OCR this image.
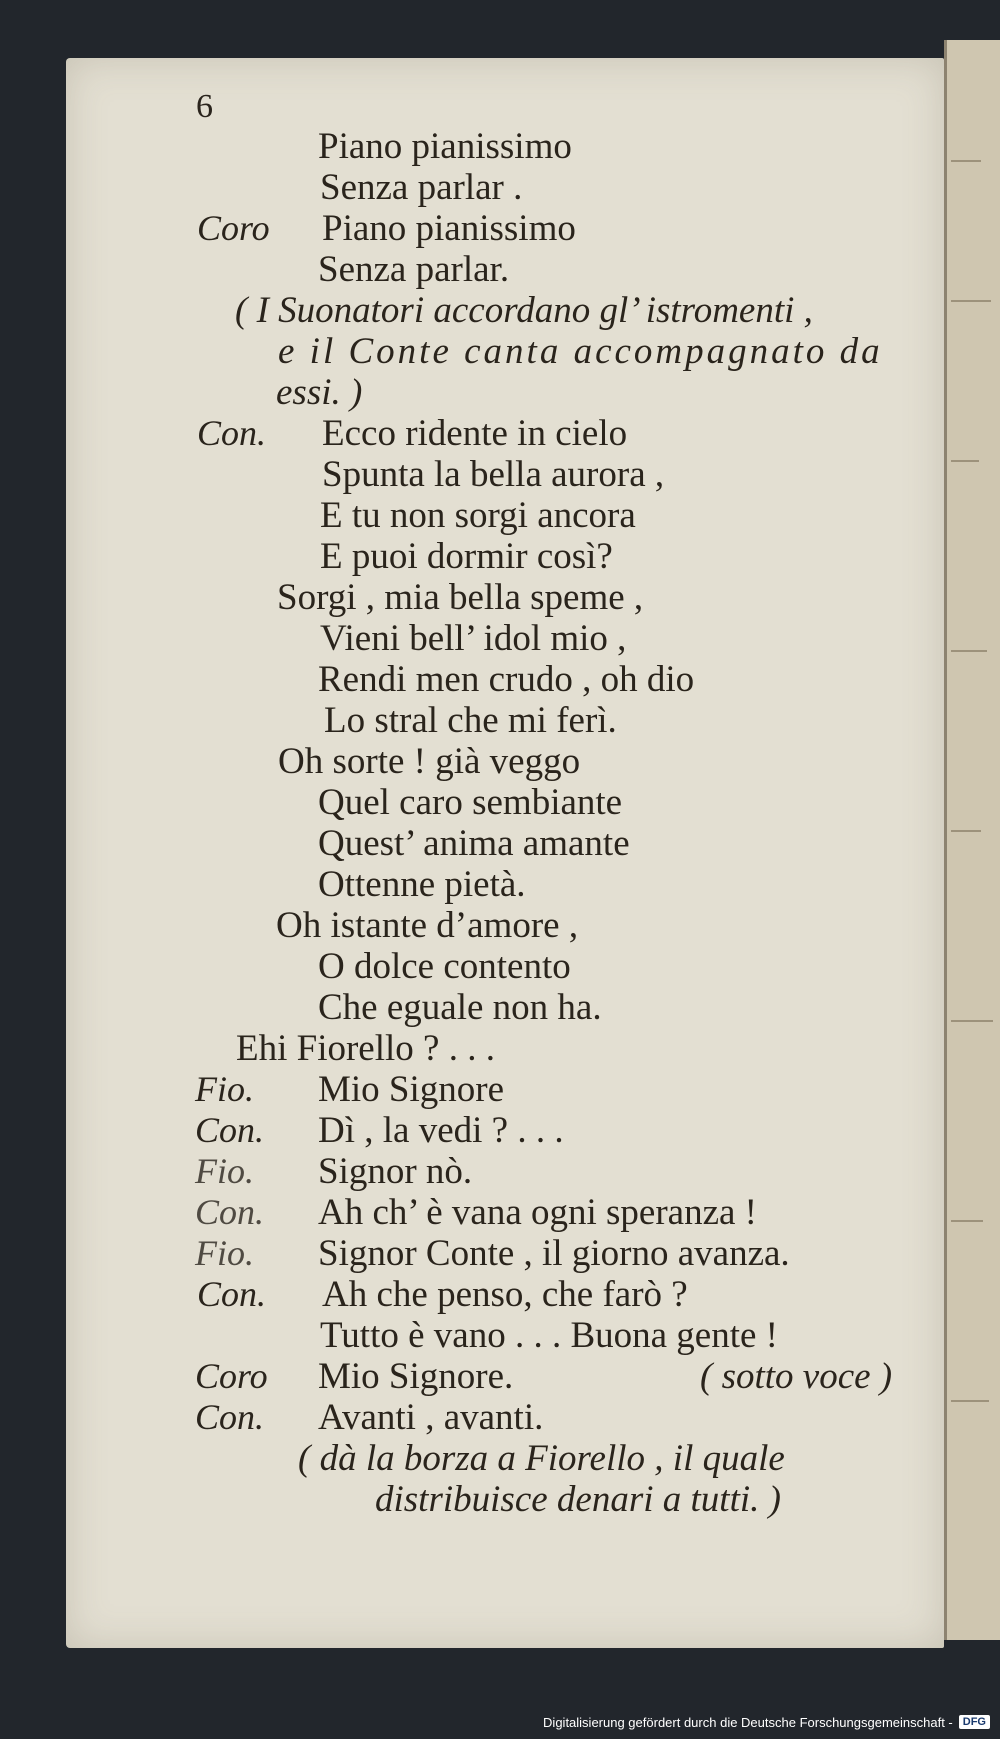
6
Piano pianissimo
Senza parlar .
Coro Piano pianissimo
Senza parlar.
( I Suonatori accordano gl’ istromenti ,
e il Conte canta accompagnato da
essi. )
Con. Ecco ridente in cielo
Spunta la bella aurora ,
E tu non sorgi ancora
E puoi dormir così?
Sorgi , mia bella speme ,
Vieni bell’ idol mio ,
Rendi men crudo , oh dio
Lo stral che mi ferì.
Oh sorte ! già veggo
Quel caro sembiante
Quest’ anima amante
Ottenne pietà.
Oh istante d’amore ,
O dolce contento
Che eguale non ha.
Ehi Fiorello ? . . .
Fio. Mio Signore
Con. Dì , la vedi ? . . .
Fio. Signor nò.
Con. Ah ch’ è vana ogni speranza !
Fio. Signor Conte , il giorno avanza.
Con. Ah che penso, che farò ?
Tutto è vano . . . Buona gente !
Coro Mio Signore.	( sotto voce )
Con. Avanti , avanti.
( dà la borza a Fiorello , il quale
distribuisce denari a tutti. )
Digitalisierung gefördert durch die Deutsche Forschungsgemeinschaft - DFG
